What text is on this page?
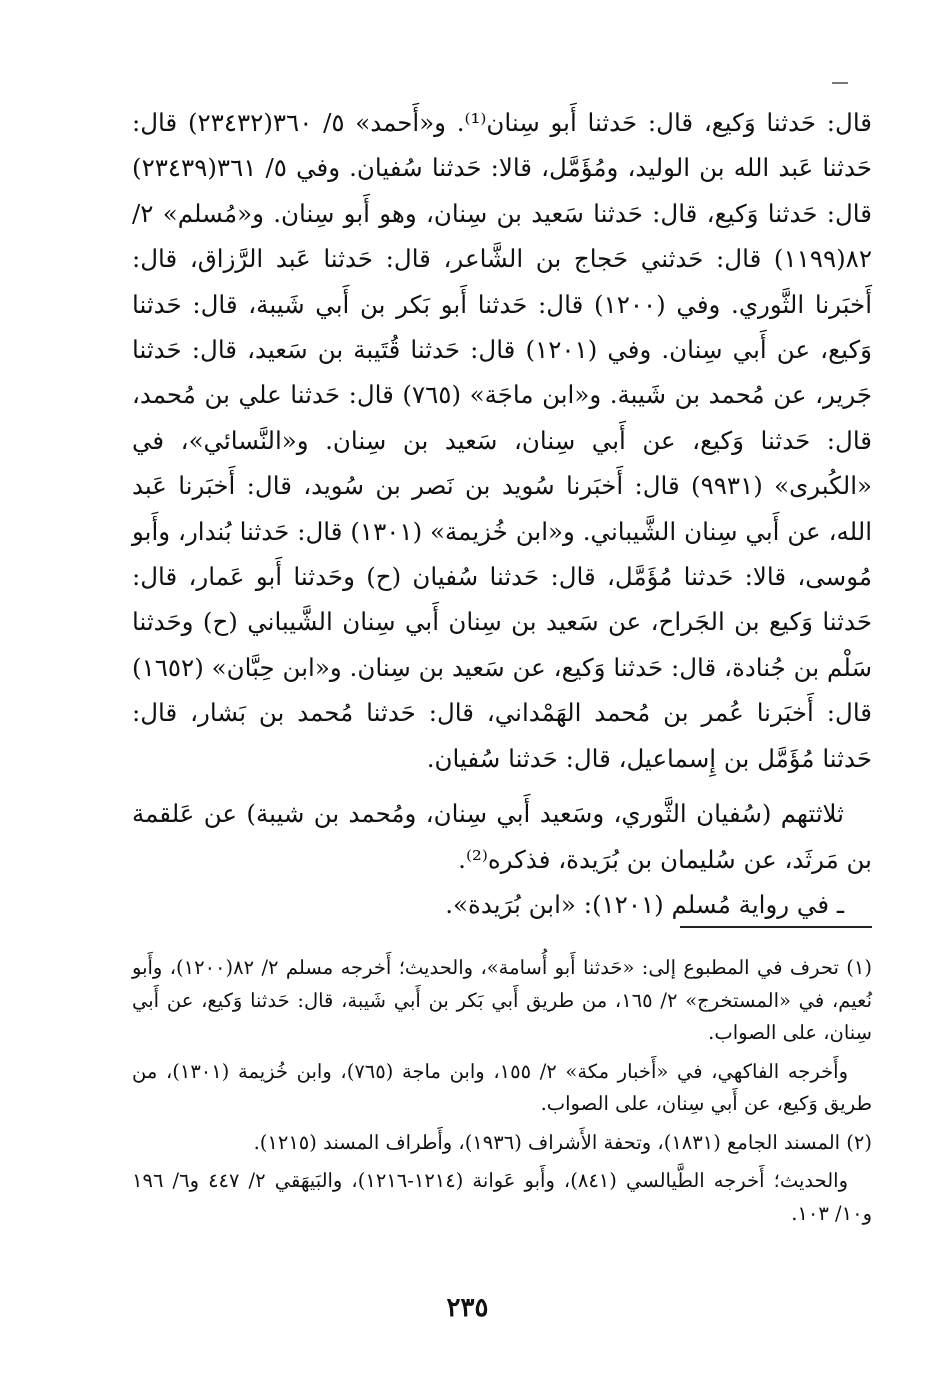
قال: حَدثنا وَكيع، قال: حَدثنا أَبو سِنان⁽¹⁾. و«أَحمد» ٥/ ٣٦٠(٢٣٤٣٢) قال: حَدثنا عَبد الله بن الوليد، ومُؤَمَّل، قالا: حَدثنا سُفيان. وفي ٥/ ٣٦١(٢٣٤٣٩) قال: حَدثنا وَكيع، قال: حَدثنا سَعيد بن سِنان، وهو أَبو سِنان. و«مُسلم» ٢/ ٨٢(١١٩٩) قال: حَدثني حَجاج بن الشَّاعر، قال: حَدثنا عَبد الرَّزاق، قال: أَخبَرنا الثَّوري. وفي (١٢٠٠) قال: حَدثنا أَبو بَكر بن أَبي شَيبة، قال: حَدثنا وَكيع، عن أَبي سِنان. وفي (١٢٠١) قال: حَدثنا قُتَيبة بن سَعيد، قال: حَدثنا جَرير، عن مُحمد بن شَيبة. و«ابن ماجَة» (٧٦٥) قال: حَدثنا علي بن مُحمد، قال: حَدثنا وَكيع، عن أَبي سِنان، سَعيد بن سِنان. و«النَّسائي»، في «الكُبرى» (٩٩٣١) قال: أَخبَرنا سُويد بن نَصر بن سُويد، قال: أَخبَرنا عَبد الله، عن أَبي سِنان الشَّيباني. و«ابن خُزيمة» (١٣٠١) قال: حَدثنا بُندار، وأَبو مُوسى، قالا: حَدثنا مُؤَمَّل، قال: حَدثنا سُفيان (ح) وحَدثنا أَبو عَمار، قال: حَدثنا وَكيع بن الجَراح، عن سَعيد بن سِنان أَبي سِنان الشَّيباني (ح) وحَدثنا سَلْم بن جُنادة، قال: حَدثنا وَكيع، عن سَعيد بن سِنان. و«ابن حِبَّان» (١٦٥٢) قال: أَخبَرنا عُمر بن مُحمد الهَمْداني، قال: حَدثنا مُحمد بن بَشار، قال: حَدثنا مُؤَمَّل بن إِسماعيل، قال: حَدثنا سُفيان.

ثلاثتهم (سُفيان الثَّوري، وسَعيد أَبي سِنان، ومُحمد بن شيبة) عن عَلقمة بن مَرثَد، عن سُليمان بن بُرَيدة، فذكره⁽²⁾.

ـ في رواية مُسلم (١٢٠١): «ابن بُرَيدة».

(١) تحرف في المطبوع إلى: «حَدثنا أَبو أُسامة»، والحديث؛ أَخرجه مسلم ٢/ ٨٢(١٢٠٠)، وأَبو نُعيم، في «المستخرج» ٢/ ١٦٥، من طريق أَبي بَكر بن أَبي شَيبة، قال: حَدثنا وَكيع، عن أَبي سِنان، على الصواب.

وأَخرجه الفاكهي، في «أَخبار مكة» ٢/ ١٥٥، وابن ماجة (٧٦٥)، وابن خُزيمة (١٣٠١)، من طريق وَكيع، عن أَبي سِنان، على الصواب.

(٢) المسند الجامع (١٨٣١)، وتحفة الأَشراف (١٩٣٦)، وأَطراف المسند (١٢١٥).

والحديث؛ أَخرجه الطَّيالسي (٨٤١)، وأَبو عَوانة (١٢١٤-١٢١٦)، والبَيهَقي ٢/ ٤٤٧ و٦/ ١٩٦ و١٠/ ١٠٣.

٢٣٥
